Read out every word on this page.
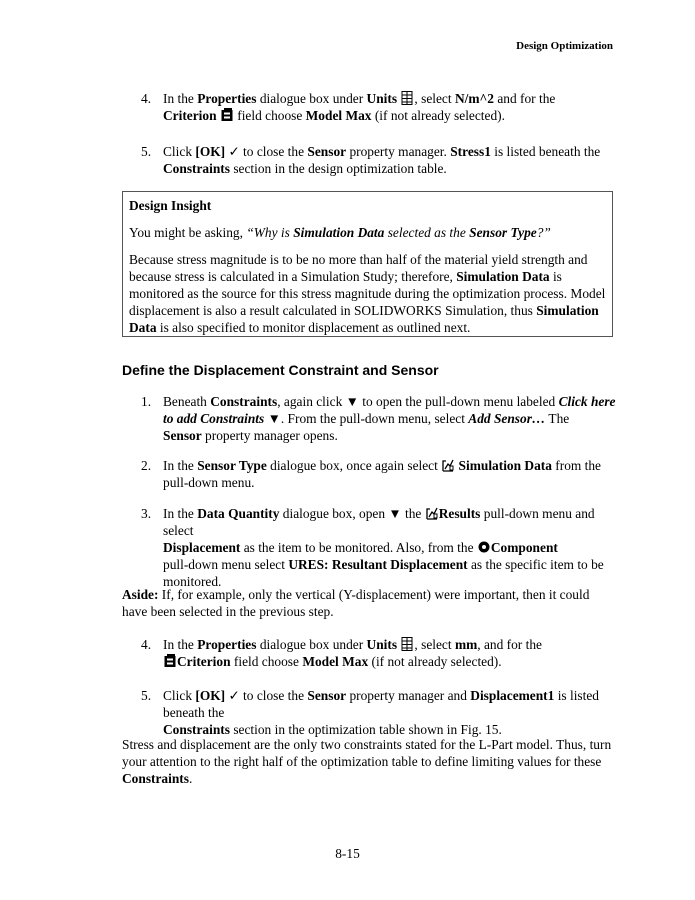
Design Optimization
4. In the Properties dialogue box under Units , select N/m^2 and for the
Criterion
field choose Model Max (if not already selected).
5. Click [OK] ✓ to close the Sensor property manager. Stress1 is listed beneath the
Constraints section in the design optimization table.

Design Insight

You might be asking, “Why is Simulation Data selected as the Sensor Type?”

Because stress magnitude is to be no more than half of the material yield strength and because stress is calculated in a Simulation Study; therefore, Simulation Data is monitored as the source for this stress magnitude during the optimization process. Model displacement is also a result calculated in SOLIDWORKS Simulation, thus Simulation Data is also specified to monitor displacement as outlined next.

Define the Displacement Constraint and Sensor
1. Beneath Constraints, again click ▼ to open the pull-down menu labeled Click here to add Constraints ▼. From the pull-down menu, select Add Sensor… The
Sensor property manager opens.
2. In the Sensor Type dialogue box, once again select
Simulation Data from the pull-down menu.
3. In the Data Quantity dialogue box, open ▼ the
Results pull-down menu and select
Displacement as the item to be monitored. Also, from the
Component
pull-down menu select URES: Resultant Displacement as the specific item to be monitored.
Aside: If, for example, only the vertical (Y-displacement) were important, then it could have been selected in the previous step.
4. In the Properties dialogue box under Units , select mm, and for the

Criterion field choose Model Max (if not already selected).
5. Click [OK] ✓ to close the Sensor property manager and Displacement1 is listed beneath the
Constraints section in the optimization table shown in Fig. 15.
Stress and displacement are the only two constraints stated for the L-Part model. Thus, turn your attention to the right half of the optimization table to define limiting values for these Constraints.
8-15
